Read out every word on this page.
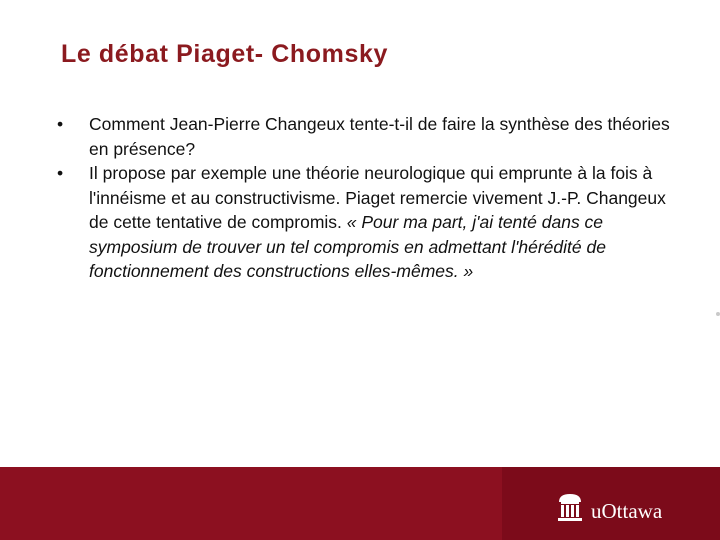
Le débat Piaget- Chomsky
• Comment Jean-Pierre Changeux tente-t-il de faire la synthèse des théories en présence?
• Il propose par exemple une théorie neurologique qui emprunte à la fois à l'innéisme et au constructivisme. Piaget remercie vivement J.-P. Changeux de cette tentative de compromis. « Pour ma part, j'ai tenté dans ce symposium de trouver un tel compromis en admettant l'hérédité de fonctionnement des constructions elles-mêmes. »
uOttawa
